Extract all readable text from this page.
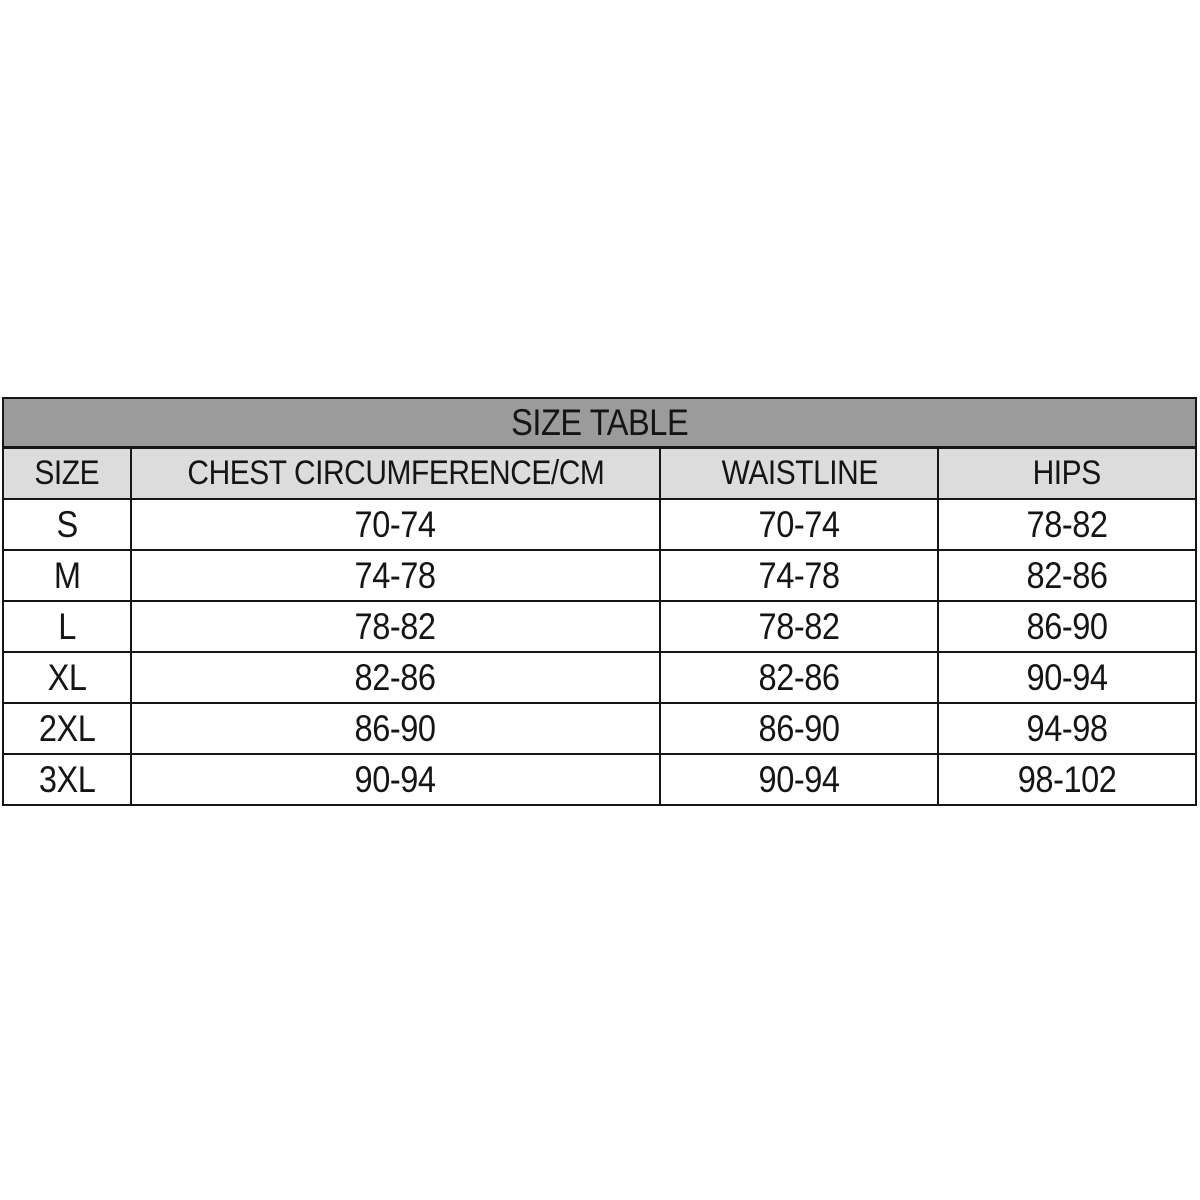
SIZE TABLE			
SIZE	CHEST CIRCUMFERENCE/CM	WAISTLINE	HIPS
S	70-74	70-74	78-82
M	74-78	74-78	82-86
L	78-82	78-82	86-90
XL	82-86	82-86	90-94
2XL	86-90	86-90	94-98
3XL	90-94	90-94	98-102
